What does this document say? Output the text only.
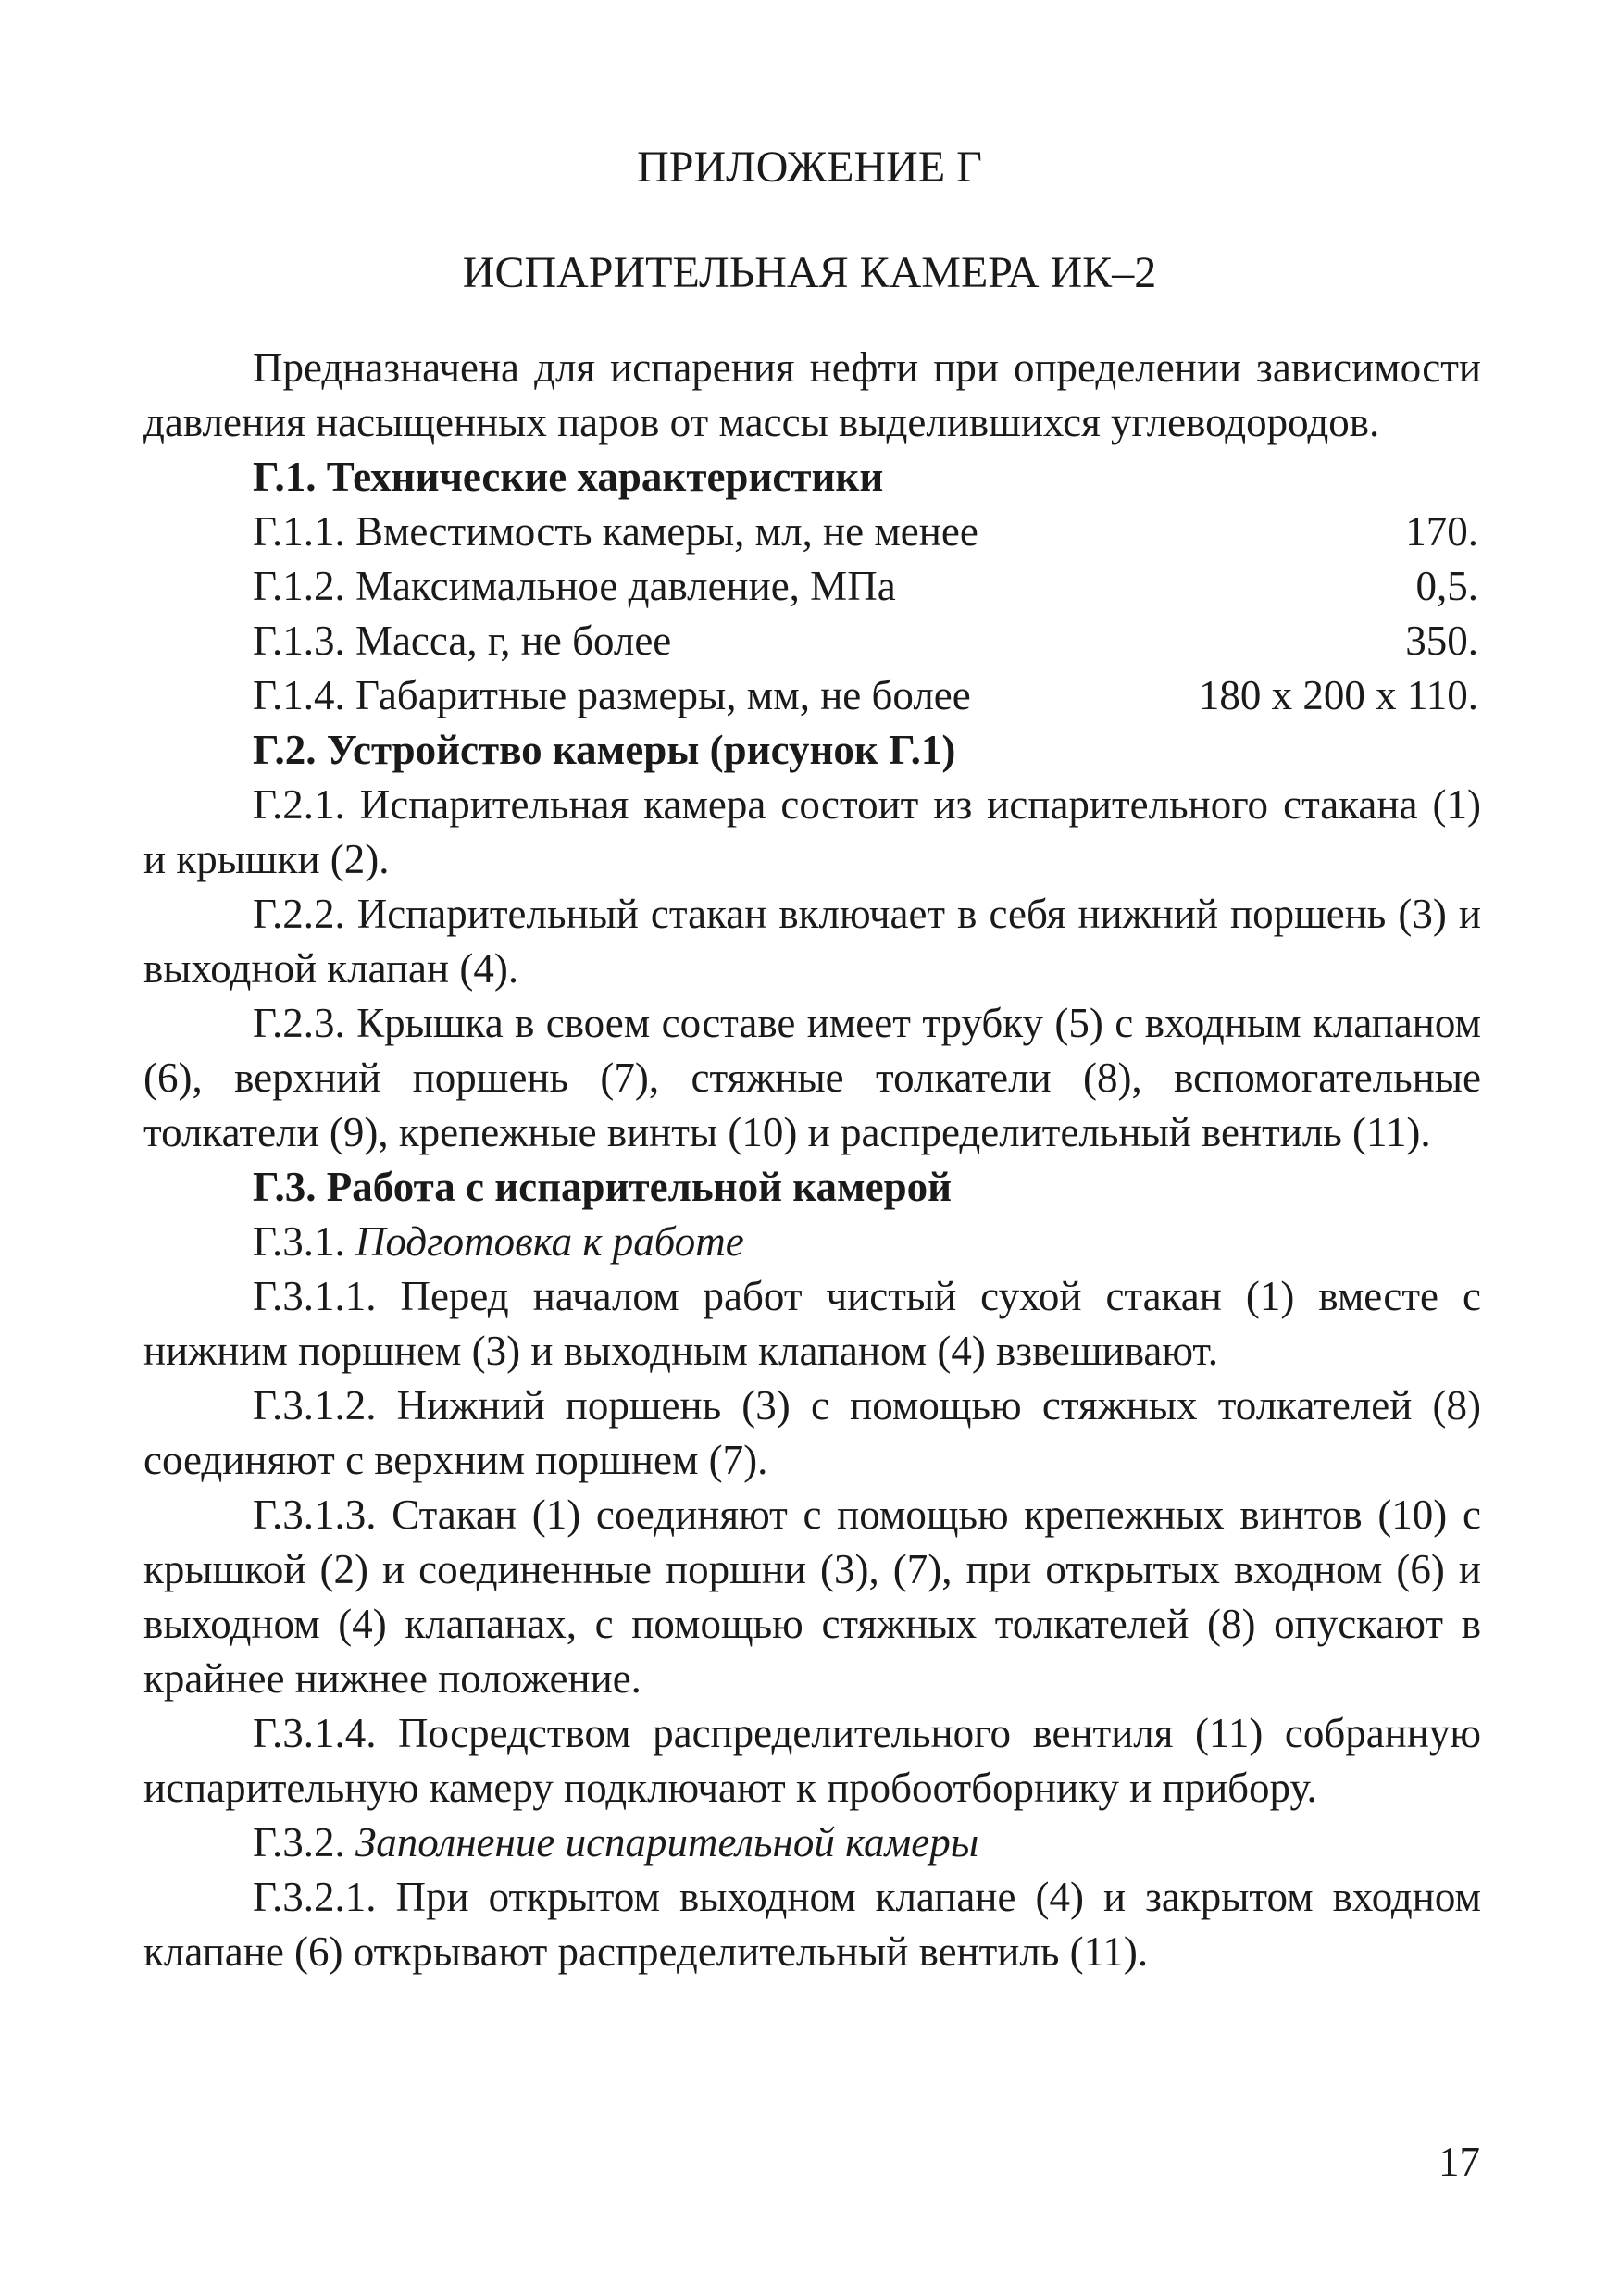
ПРИЛОЖЕНИЕ Г
ИСПАРИТЕЛЬНАЯ КАМЕРА ИК–2

Предназначена для испарения нефти при определении зависимости давления насыщенных паров от массы выделившихся углеводородов.

Г.1. Технические характеристики

Г.1.1. Вместимость камеры, мл, не менее	170.
Г.1.2. Максимальное давление, МПа	0,5.
Г.1.3. Масса, г, не более	350.
Г.1.4. Габаритные размеры, мм, не более	180 х 200 х 110.

Г.2. Устройство камеры (рисунок Г.1)

Г.2.1. Испарительная камера состоит из испарительного стакана (1) и крышки (2).

Г.2.2. Испарительный стакан включает в себя нижний поршень (3) и выходной клапан (4).

Г.2.3. Крышка в своем составе имеет трубку (5) с входным клапаном (6), верхний поршень (7), стяжные толкатели (8), вспомогательные толкатели (9), крепежные винты (10) и распределительный вентиль (11).

Г.3. Работа с испарительной камерой

Г.3.1. Подготовка к работе

Г.3.1.1. Перед началом работ чистый сухой стакан (1) вместе с нижним поршнем (3) и выходным клапаном (4) взвешивают.

Г.3.1.2. Нижний поршень (3) с помощью стяжных толкателей (8) соединяют с верхним поршнем (7).

Г.3.1.3. Стакан (1) соединяют с помощью крепежных винтов (10) с крышкой (2) и соединенные поршни (3), (7), при открытых входном (6) и выходном (4) клапанах, с помощью стяжных толкателей (8) опускают в крайнее нижнее положение.

Г.3.1.4. Посредством распределительного вентиля (11) собранную испарительную камеру подключают к пробоотборнику и прибору.

Г.3.2. Заполнение испарительной камеры

Г.3.2.1. При открытом выходном клапане (4) и закрытом входном клапане (6) открывают распределительный вентиль (11).

17
